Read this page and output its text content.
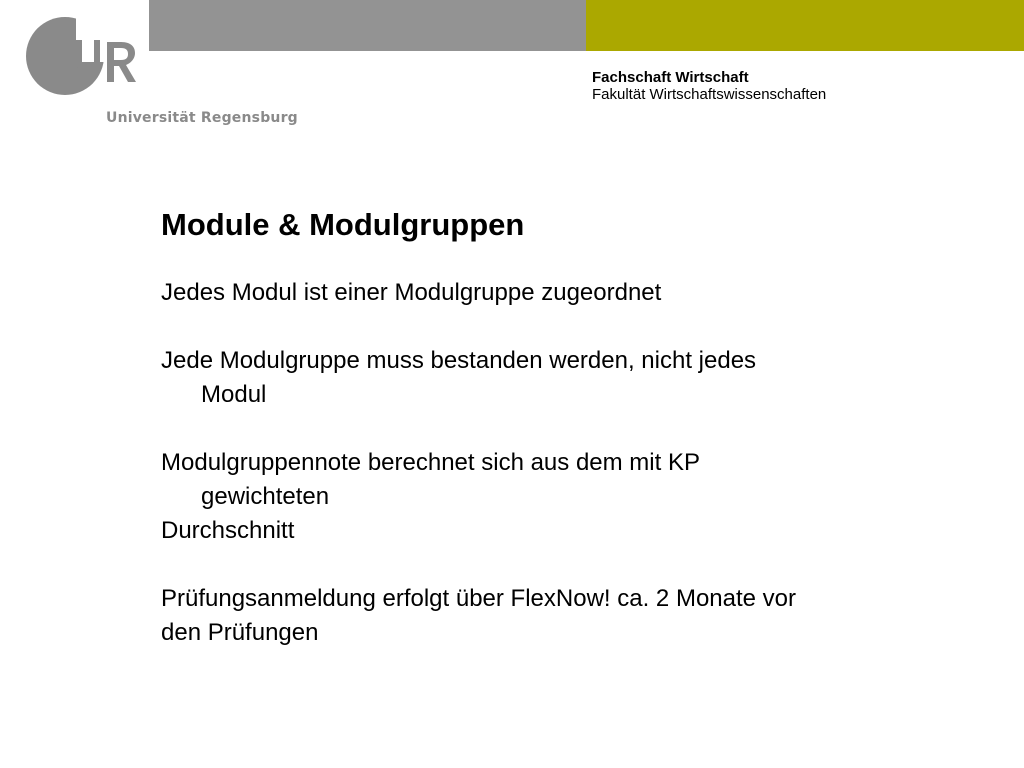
UR
Universität Regensburg
Fachschaft Wirtschaft
Fakultät Wirtschaftswissenschaften
Module & Modulgruppen
Jedes Modul ist einer Modulgruppe zugeordnet
Jede Modulgruppe muss bestanden werden, nicht jedes
Modul
Modulgruppennote berechnet sich aus dem mit KP
gewichteten
Durchschnitt
Prüfungsanmeldung erfolgt über FlexNow! ca. 2 Monate vor
den Prüfungen
